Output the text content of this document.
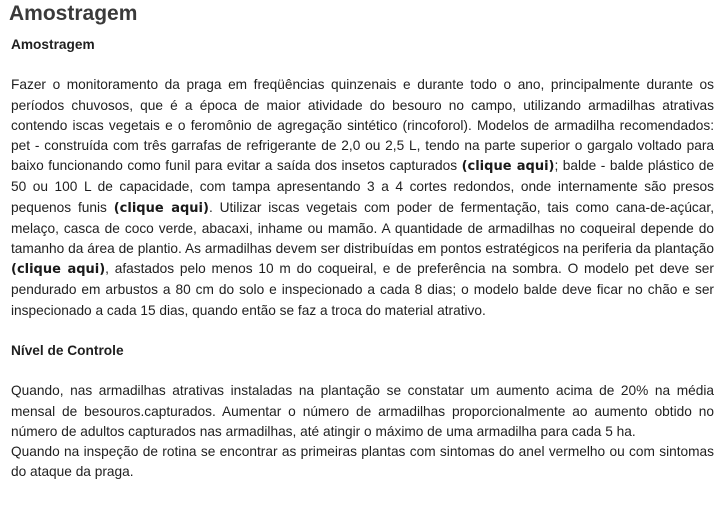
Amostragem
Amostragem

Fazer o monitoramento da praga em freqüências quinzenais e durante todo o ano, principalmente durante os períodos chuvosos, que é a época de maior atividade do besouro no campo, utilizando armadilhas atrativas contendo iscas vegetais e o feromônio de agregação sintético (rincoforol). Modelos de armadilha recomendados: pet - construída com três garrafas de refrigerante de 2,0 ou 2,5 L, tendo na parte superior o gargalo voltado para baixo funcionando como funil para evitar a saída dos insetos capturados (clique aqui); balde - balde plástico de 50 ou 100 L de capacidade, com tampa apresentando 3 a 4 cortes redondos, onde internamente são presos pequenos funis (clique aqui). Utilizar iscas vegetais com poder de fermentação, tais como cana-de-açúcar, melaço, casca de coco verde, abacaxi, inhame ou mamão. A quantidade de armadilhas no coqueiral depende do tamanho da área de plantio. As armadilhas devem ser distribuídas em pontos estratégicos na periferia da plantação (clique aqui), afastados pelo menos 10 m do coqueiral, e de preferência na sombra. O modelo pet deve ser pendurado em arbustos a 80 cm do solo e inspecionado a cada 8 dias; o modelo balde deve ficar no chão e ser inspecionado a cada 15 dias, quando então se faz a troca do material atrativo.

Nível de Controle

Quando, nas armadilhas atrativas instaladas na plantação se constatar um aumento acima de 20% na média mensal de besouros.capturados. Aumentar o número de armadilhas proporcionalmente ao aumento obtido no número de adultos capturados nas armadilhas, até atingir o máximo de uma armadilha para cada 5 ha.

Quando na inspeção de rotina se encontrar as primeiras plantas com sintomas do anel vermelho ou com sintomas do ataque da praga.
